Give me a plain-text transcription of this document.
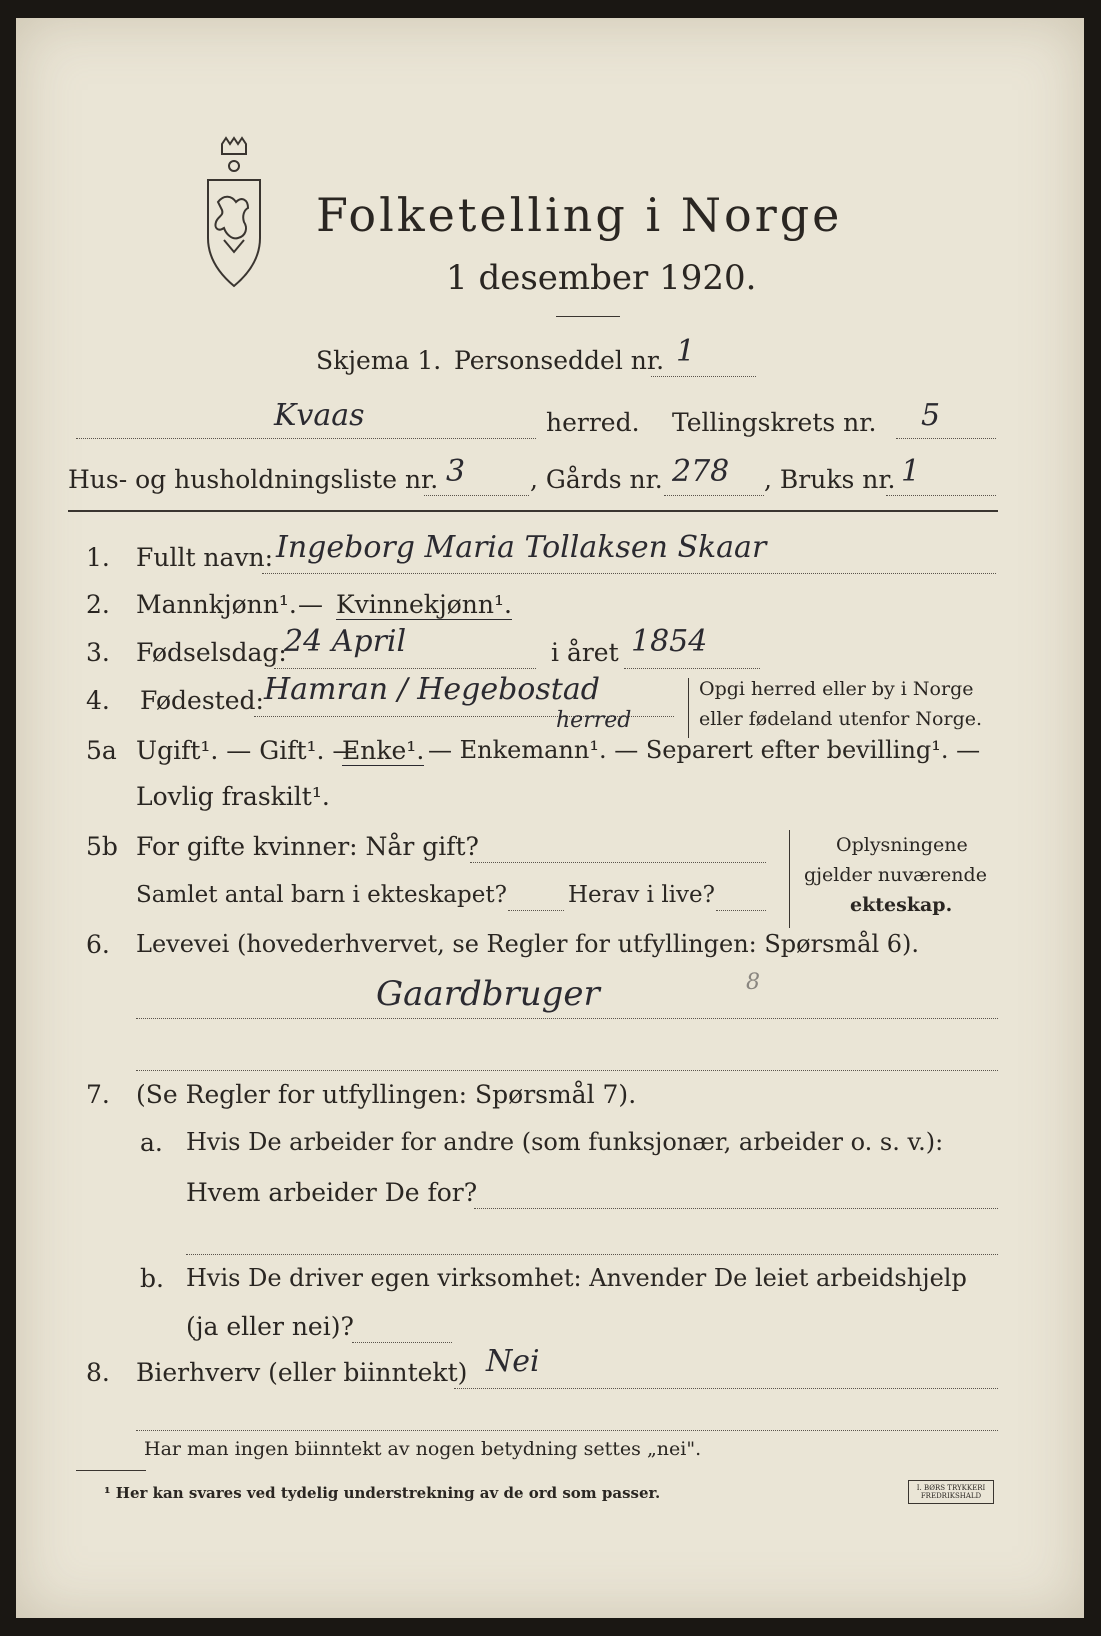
Folketelling i Norge
1 desember 1920.
Skjema 1. Personseddel nr. 1
Kvaas	herred. Tellingskrets nr. 5
Hus- og husholdningsliste nr. 3	, Gårds nr. 278 , Bruks nr. 1
1. Fullt navn: Ingeborg Maria Tollaksen Skaar
2. Mannkjønn¹. — Kvinnekjønn¹.
3. Fødselsdag:
24 April	i året 1854
4. Fødested: Hamran / Hegebostad
herred
Opgi herred eller by i Norge
eller fødeland utenfor Norge.
5a Ugift¹. — Gift¹. —
Enke¹. — Enkemann¹. — Separert efter bevilling¹. —
Lovlig fraskilt¹.
5b For gifte kvinner: Når gift?
Samlet antal barn i ekteskapet?	Herav i live?
Oplysningene
gjelder nuværende
ekteskap.
6. Levevei (hovederhvervet, se Regler for utfyllingen: Spørsmål 6).
Gaardbruger	8
7. (Se Regler for utfyllingen: Spørsmål 7).
a. Hvis De arbeider for andre (som funksjonær, arbeider o. s. v.):
Hvem arbeider De for?
b. Hvis De driver egen virksomhet: Anvender De leiet arbeidshjelp
(ja eller nei)?
8. Bierhverv (eller biinntekt) Nei
Har man ingen biinntekt av nogen betydning settes „nei".
¹ Her kan svares ved tydelig understrekning av de ord som passer.	I. BØRS TRYKKERI FREDRIKSHALD
